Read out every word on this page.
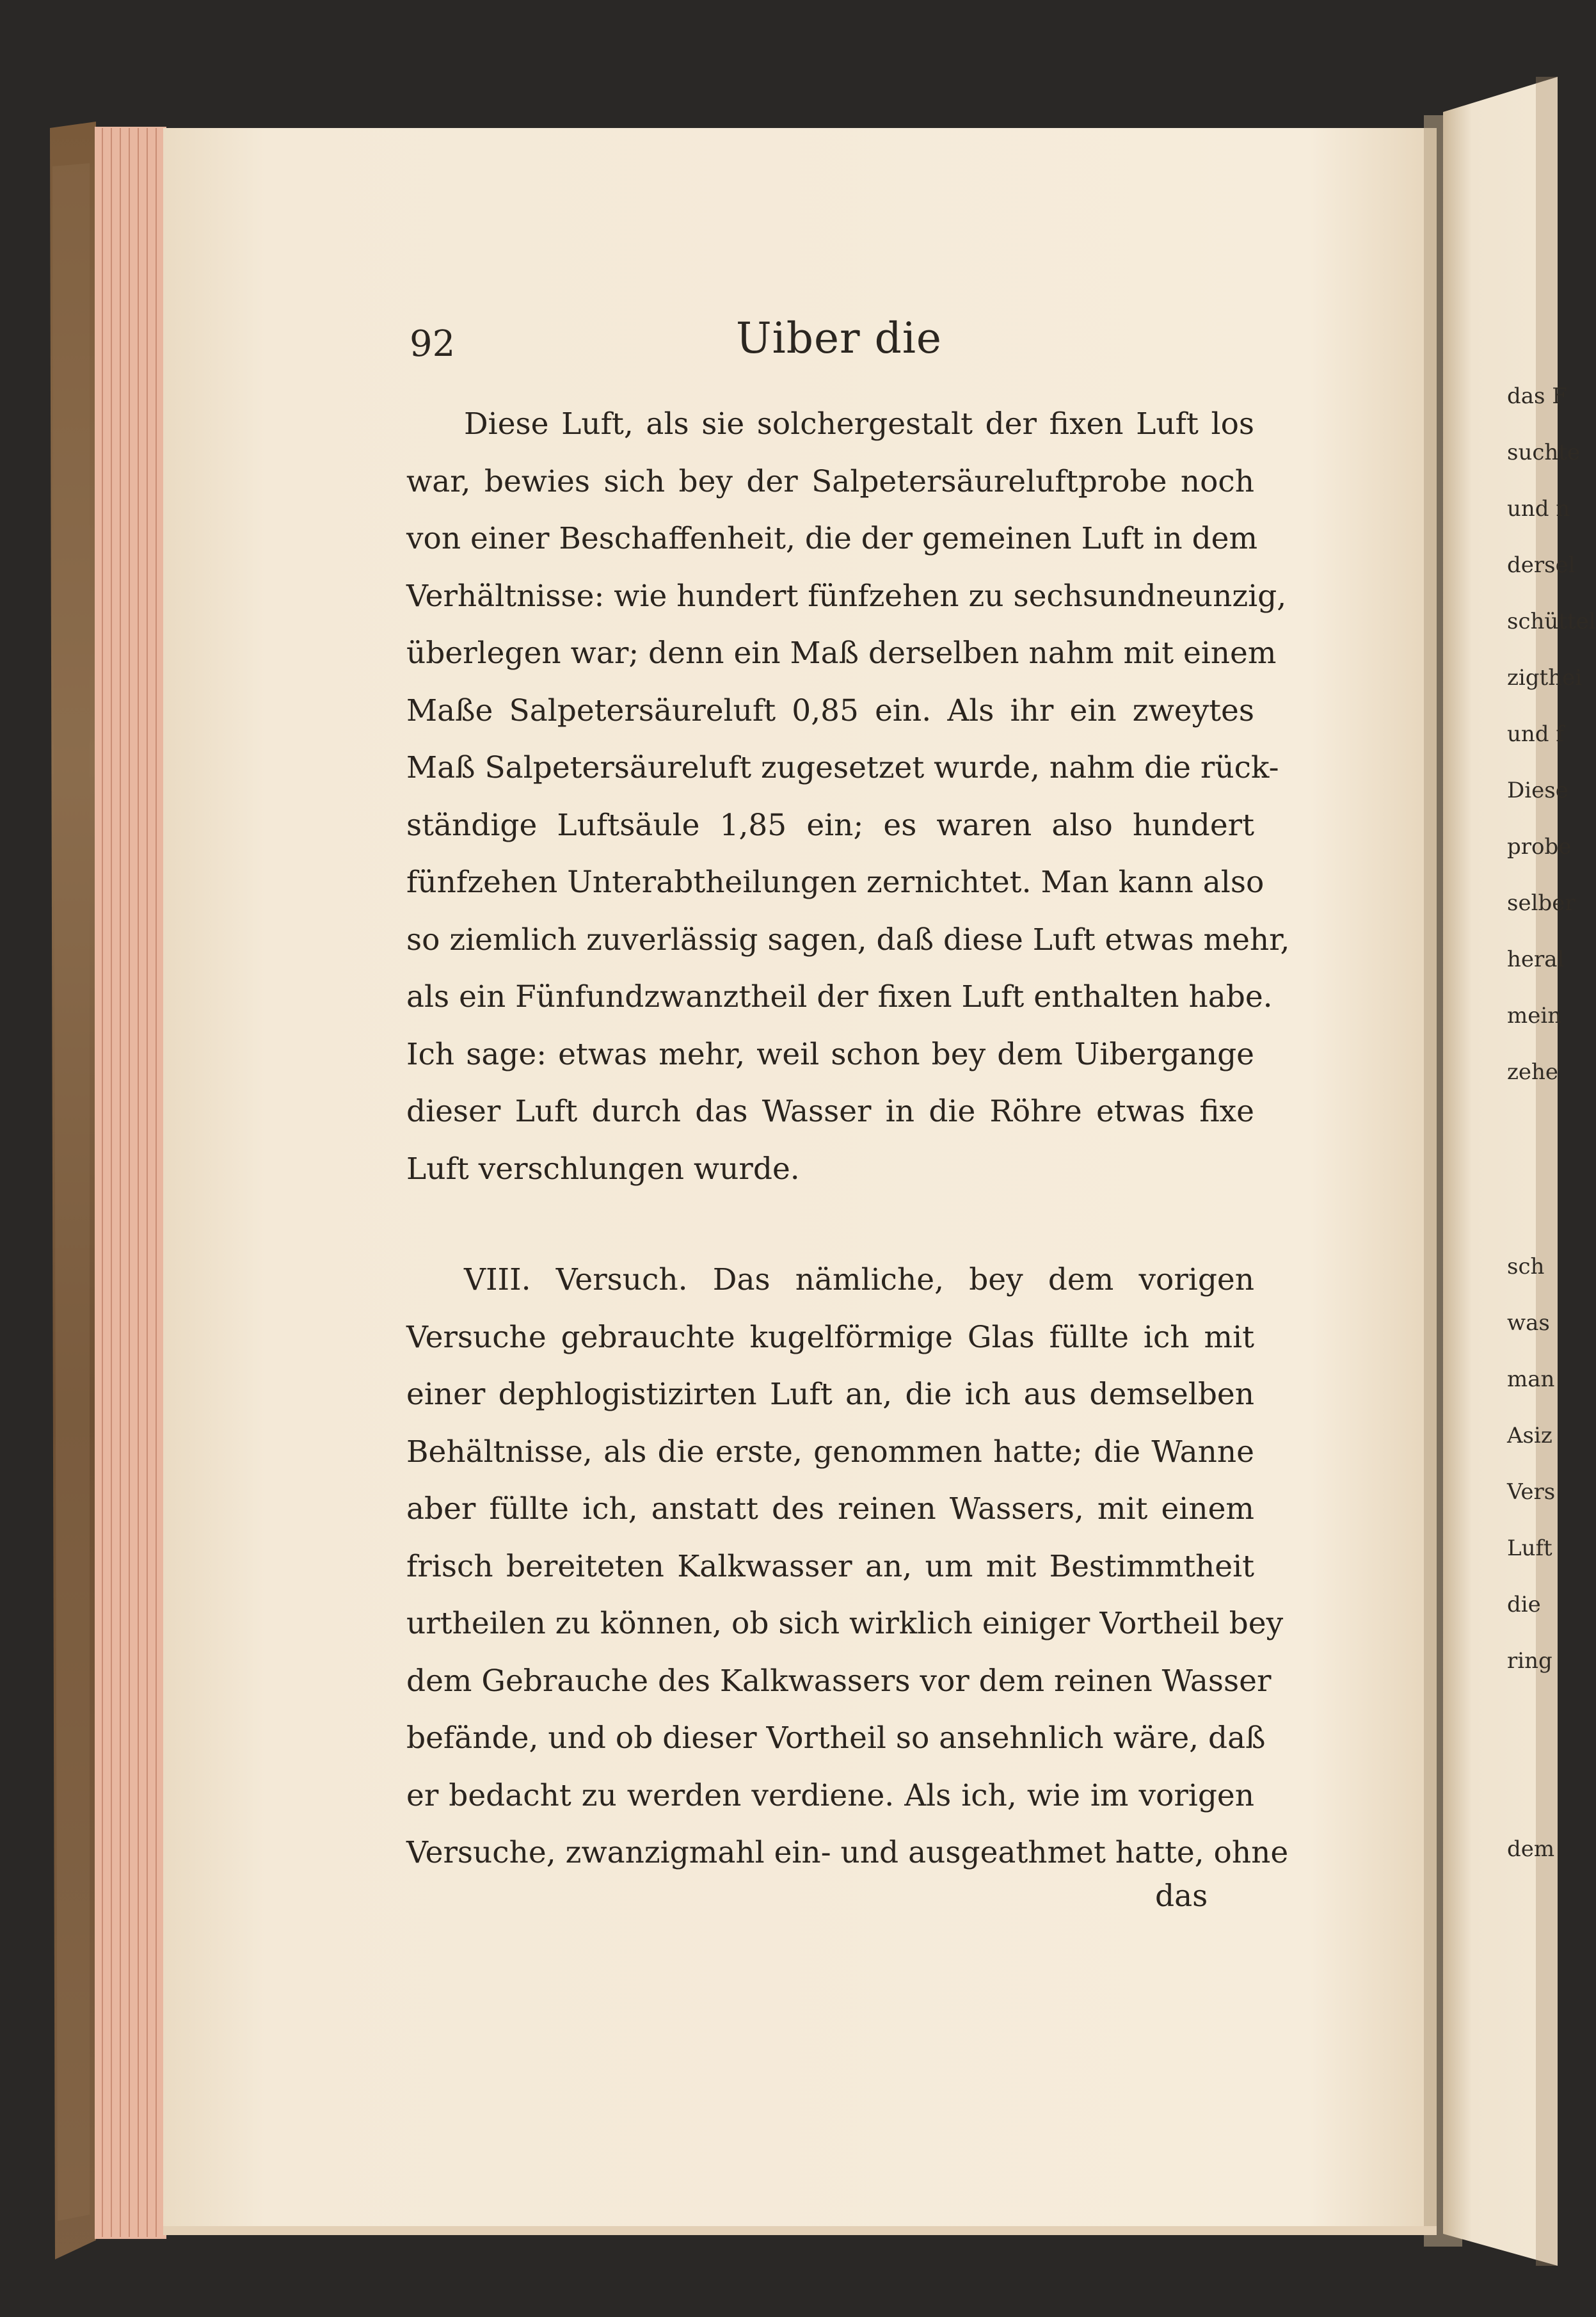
92	Uiber die
Diese Luft, als sie solchergestalt der fixen Luft los
war, bewies sich bey der Salpetersäureluftprobe noch
von einer Beschaffenheit, die der gemeinen Luft in dem
Verhältnisse: wie hundert fünfzehen zu sechsundneunzig,
überlegen war; denn ein Maß derselben nahm mit einem
Maße Salpetersäureluft 0,85 ein. Als ihr ein zweytes
Maß Salpetersäureluft zugesetzet wurde, nahm die rück-
ständige Luftsäule 1,85 ein; es waren also hundert
fünfzehen Unterabtheilungen zernichtet. Man kann also
so ziemlich zuverlässig sagen, daß diese Luft etwas mehr,
als ein Fünfundzwanztheil der fixen Luft enthalten habe.
Ich sage: etwas mehr, weil schon bey dem Uibergange
dieser Luft durch das Wasser in die Röhre etwas fixe
Luft verschlungen wurde.
VIII. Versuch. Das nämliche, bey dem vorigen
Versuche gebrauchte kugelförmige Glas füllte ich mit
einer dephlogistizirten Luft an, die ich aus demselben
Behältnisse, als die erste, genommen hatte; die Wanne
aber füllte ich, anstatt des reinen Wassers, mit einem
frisch bereiteten Kalkwasser an, um mit Bestimmtheit
urtheilen zu können, ob sich wirklich einiger Vortheil bey
dem Gebrauche des Kalkwassers vor dem reinen Wasser
befände, und ob dieser Vortheil so ansehnlich wäre, daß
er bedacht zu werden verdiene. Als ich, wie im vorigen
Versuche, zwanzigmahl ein- und ausgeathmet hatte, ohne
das
das F
suchte
und n
dersel
schüttel
zigthei
und f
Diese
probe
selber
heral
mein
zehe
sch
was
man
Asiz
Vers
Luft
die
ring
dem
